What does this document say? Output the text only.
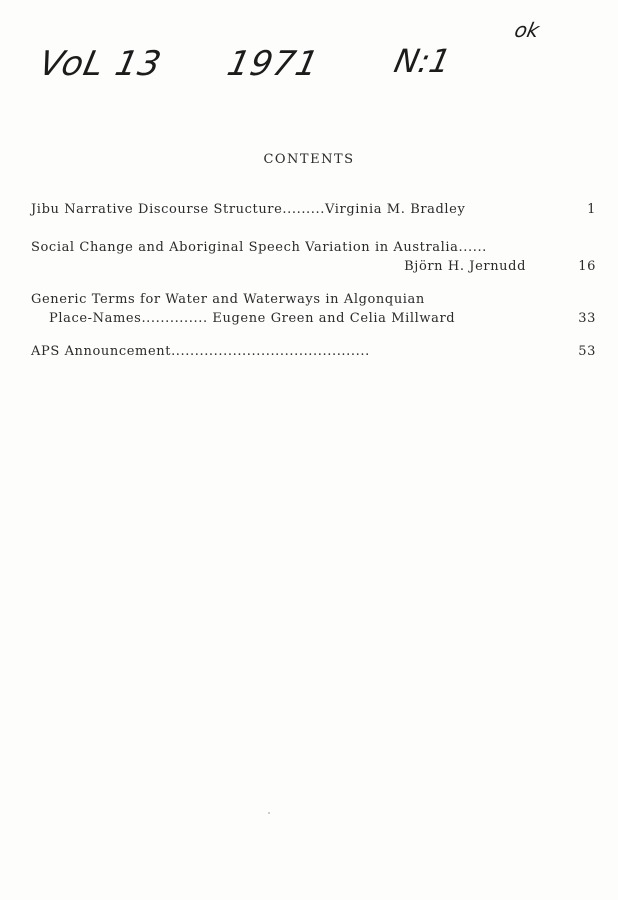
VoL 13 1971 N:1
ok
CONTENTS
Jibu Narrative Discourse Structure.........Virginia M. Bradley	1
Social Change and Aboriginal Speech Variation in Australia......
Björn H. Jernudd	16
Generic Terms for Water and Waterways in Algonquian
Place-Names.............. Eugene Green and Celia Millward	33
APS Announcement..........................................	53
